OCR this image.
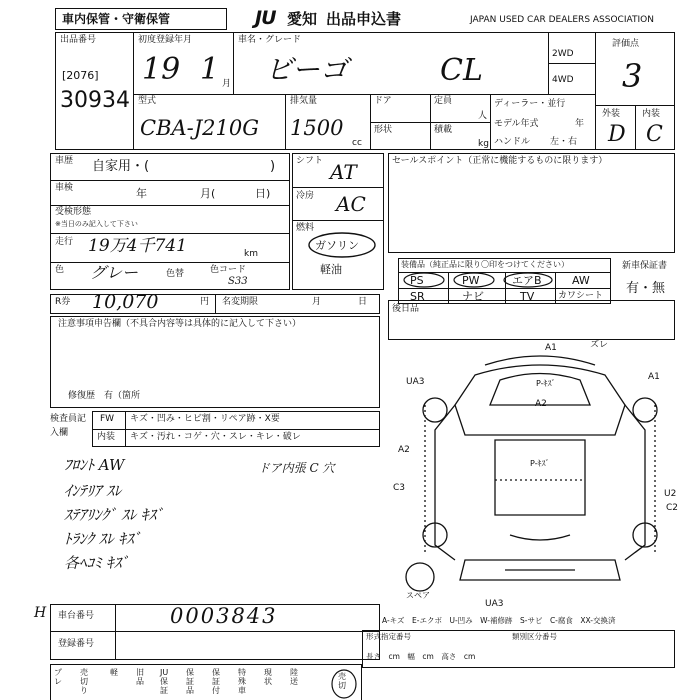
車内保管・守衛保管	JU 愛知 出品申込書	JAPAN USED CAR DEALERS ASSOCIATION
出品番号
[2076]
30934
初度登録年月
19 1 月
車名・グレード
ビーゴ	CL	2WD
4WD
評価点
3
外装 内装
D C
型式
CBA-J210G
排気量
1500
cc
ドア	定員
人
形状	積載
kg
ディーラー・並行
モデル年式	年
ハンドル 左・右
車歴 自家用・(	)
車検	年	月(	日)
受検形態
※当日のみ記入して下さい
走行 19万4千741	km
色 グレー	色替	色コード
S33
シフト AT
冷房 AC
燃料
ガソリン
軽油
セールスポイント（正常に機能するものに限ります）
装備品（純正品に限り〇印をつけてください）
PS	PW	エアB	AW
SR	ナビ	TV	カワシート
新車保証書
有・無
後日品
R券 10,070	円 名変期限	月	日
注意事項申告欄（不具合内容等は具体的に記入して下さい）
修復歴　有（箇所
検査員記入欄
FW キズ・凹み・ヒビ割・リペア跡・X要
内装 キズ・汚れ・コゲ・穴・スレ・キレ・破レ
ﾌﾛﾝﾄ AW
ｲﾝﾃﾘｱ ｽﾚ
ｽﾃｱﾘﾝｸﾞ ｽﾚ ｷｽﾞ
ﾄﾗﾝｸ ｽﾚ ｷｽﾞ
各ﾍｺﾐ ｷｽﾞ
ドア内張 C 穴
A1	ズレ
UA3	A1
P-ｷｽﾞ
A2
A2
P-ｷｽﾞ
C3
U2
C2
UA3
スペア
A-キズ　E-エクボ　U-凹み　W-補修跡　S-サビ　C-腐食　XX-交換済
H 車台番号	0003843
登録番号
形式指定番号	類別区分番号
長さ　cm　幅　cm　高さ　cm
プレ
売切り
軽 旧品
JU保証
保証品
保証付
特殊車
現状
陸送
売切
